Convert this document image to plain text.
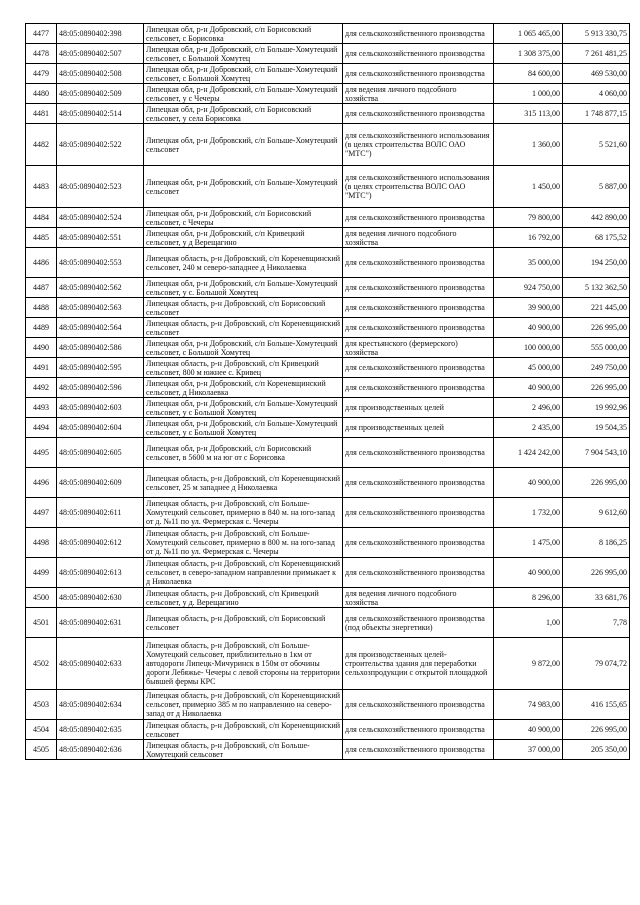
4477	48:05:0890402:398	Липецкая обл, р-н Добровский, с/п Борисовский сельсовет, с Борисовка	для сельскохозяйственного производства	1 065 465,00	5 913 330,75
4478	48:05:0890402:507	Липецкая обл, р-н Добровский, с/п Больше-Хомутецкий сельсовет, с Большой Хомутец	для сельскохозяйственного производства	1 308 375,00	7 261 481,25
4479	48:05:0890402:508	Липецкая обл, р-н Добровский, с/п Больше-Хомутецкий сельсовет, с Большой Хомутец	для сельскохозяйственного производства	84 600,00	469 530,00
4480	48:05:0890402:509	Липецкая обл, р-н Добровский, с/п Больше-Хомутецкий сельсовет, у с Чечеры	для ведения личного подсобного хозяйства	1 000,00	4 060,00
4481	48:05:0890402:514	Липецкая обл, р-н Добровский, с/п Борисовский сельсовет, у села Борисовка	для сельскохозяйственного производства	315 113,00	1 748 877,15
4482	48:05:0890402:522	Липецкая обл, р-н Добровский, с/п Больше-Хомутецкий сельсовет	для сельскохозяйственного использования (в целях строительства ВОЛС ОАО "МТС")	1 360,00	5 521,60
4483	48:05:0890402:523	Липецкая обл, р-н Добровский, с/п Больше-Хомутецкий сельсовет	для сельскохозяйственного использования (в целях строительства ВОЛС ОАО "МТС")	1 450,00	5 887,00
4484	48:05:0890402:524	Липецкая обл, р-н Добровский, с/п Борисовский сельсовет, с Чечеры	для сельскохозяйственного производства	79 800,00	442 890,00
4485	48:05:0890402:551	Липецкая обл, р-н Добровский, с/п Кривецкий сельсовет, у д Верещагино	для ведения личного подсобного хозяйства	16 792,00	68 175,52
4486	48:05:0890402:553	Липецкая область, р-н Добровский, с/п Кореневщинский сельсовет, 240 м северо-западнее д Николаевка	для сельскохозяйственного производства	35 000,00	194 250,00
4487	48:05:0890402:562	Липецкая обл, р-н Добровский, с/п Больше-Хомутецкий сельсовет, у с. Большой Хомутец	для сельскохозяйственного производства	924 750,00	5 132 362,50
4488	48:05:0890402:563	Липецкая область, р-н Добровский, с/п Борисовский сельсовет	для сельскохозяйственного производства	39 900,00	221 445,00
4489	48:05:0890402:564	Липецкая область, р-н Добровский, с/п Кореневщинский сельсовет	для сельскохозяйственного производства	40 900,00	226 995,00
4490	48:05:0890402:586	Липецкая обл, р-н Добровский, с/п Больше-Хомутецкий сельсовет, с Большой Хомутец	для крестьянского (фермерского) хозяйства	100 000,00	555 000,00
4491	48:05:0890402:595	Липецкая область, р-н Добровский, с/п Кривецкий сельсовет, 800 м южнее с. Кривец	для сельскохозяйственного производства	45 000,00	249 750,00
4492	48:05:0890402:596	Липецкая обл, р-н Добровский, с/п Кореневщинский сельсовет, д Николаевка	для сельскохозяйственного производства	40 900,00	226 995,00
4493	48:05:0890402:603	Липецкая обл, р-н Добровский, с/п Больше-Хомутецкий сельсовет, у с Большой Хомутец	для производственных целей	2 496,00	19 992,96
4494	48:05:0890402:604	Липецкая обл, р-н Добровский, с/п Больше-Хомутецкий сельсовет, у с Большой Хомутец	для производственных целей	2 435,00	19 504,35
4495	48:05:0890402:605	Липецкая обл, р-н Добровский, с/п Борисовский сельсовет, в 5600 м на юг от с Борисовка	для сельскохозяйственного производства	1 424 242,00	7 904 543,10
4496	48:05:0890402:609	Липецкая область, р-н Добровский, с/п Кореневщинский сельсовет, 25 м западнее д Николаевка	для сельскохозяйственного производства	40 900,00	226 995,00
4497	48:05:0890402:611	Липецкая область, р-н Добровский, с/п Больше-Хомутецкий сельсовет, примерно в 840 м. на юго-запад от д. №11 по ул. Фермерская с. Чечеры	для сельскохозяйственного производства	1 732,00	9 612,60
4498	48:05:0890402:612	Липецкая область, р-н Добровский, с/п Больше-Хомутецкий сельсовет, примерно в 800 м. на юго-запад от д. №11 по ул. Фермерская с. Чечеры	для сельскохозяйственного производства	1 475,00	8 186,25
4499	48:05:0890402:613	Липецкая область, р-н Добровский, с/п Кореневщинский сельсовет, в северо-западном направлении примыкает к д Николаевка	для сельскохозяйственного производства	40 900,00	226 995,00
4500	48:05:0890402:630	Липецкая область, р-н Добровский, с/п Кривецкий сельсовет, у д. Верещагино	для ведения личного подсобного хозяйства	8 296,00	33 681,76
4501	48:05:0890402:631	Липецкая область, р-н Добровский, с/п Борисовский сельсовет	для сельскохозяйственного производства (под объекты энергетики)	1,00	7,78
4502	48:05:0890402:633	Липецкая область, р-н Добровский, с/п Больше-Хомутецкий сельсовет, приблизительно в 1км от автодороги Липецк-Мичуринск в 150м от обочины дороги Лебяжье- Чечеры с левой стороны на территории бывшей фермы КРС	для производственных целей-строительства здания для переработки сельхозпродукции с открытой площадкой	9 872,00	79 074,72
4503	48:05:0890402:634	Липецкая область, р-н Добровский, с/п Кореневщинский сельсовет, примерно 385 м по направлению на северо-запад от д Николаевка	для сельскохозяйственного производства	74 983,00	416 155,65
4504	48:05:0890402:635	Липецкая область, р-н Добровский, с/п Кореневщинский сельсовет	для сельскохозяйственного производства	40 900,00	226 995,00
4505	48:05:0890402:636	Липецкая область, р-н Добровский, с/п Больше-Хомутецкий сельсовет	для сельскохозяйственного производства	37 000,00	205 350,00
